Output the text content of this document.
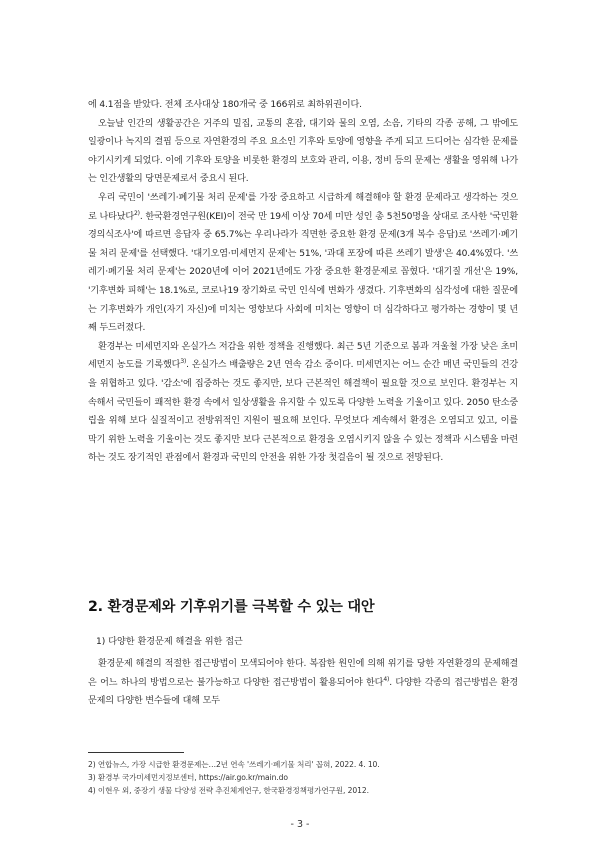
에 4.1점을 받았다. 전체 조사대상 180개국 중 166위로 최하위권이다.

오늘날 인간의 생활공간은 거주의 밀집, 교통의 혼잡, 대기와 물의 오염, 소음, 기타의 각종 공해, 그 밖에도 일광이나 녹지의 결핍 등으로 자연환경의 주요 요소인 기후와 토양에 영향을 주게 되고 드디어는 심각한 문제를 야기시키게 되었다. 이에 기후와 토양을 비롯한 환경의 보호와 관리, 이용, 정비 등의 문제는 생활을 영위해 나가는 인간생활의 당면문제로서 중요시 된다.

우리 국민이 '쓰레기·폐기물 처리 문제'를 가장 중요하고 시급하게 해결해야 할 환경 문제라고 생각하는 것으로 나타났다$^{2)}$. 한국환경연구원(KEI)이 전국 만 19세 이상 70세 미만 성인 총 5천50명을 상대로 조사한 '국민환경의식조사'에 따르면 응답자 중 65.7%는 우리나라가 직면한 중요한 환경 문제(3개 복수 응답)로 '쓰레기·폐기물 처리 문제'를 선택했다. '대기오염·미세먼지 문제'는 51%, '과대 포장에 따른 쓰레기 발생'은 40.4%였다. '쓰레기·폐기물 처리 문제'는 2020년에 이어 2021년에도 가장 중요한 환경문제로 꼽혔다. '대기질 개선'은 19%, '기후변화 피해'는 18.1%로, 코로나19 장기화로 국민 인식에 변화가 생겼다. 기후변화의 심각성에 대한 질문에는 기후변화가 개인(자기 자신)에 미치는 영향보다 사회에 미치는 영향이 더 심각하다고 평가하는 경향이 몇 년째 두드러졌다.

환경부는 미세먼지와 온실가스 저감을 위한 정책을 진행했다. 최근 5년 기준으로 봄과 겨울철 가장 낮은 초미세먼지 농도를 기록했다$^{3)}$. 온실가스 배출량은 2년 연속 감소 중이다. 미세먼지는 어느 순간 매년 국민들의 건강을 위협하고 있다. '감소'에 집중하는 것도 좋지만, 보다 근본적인 해결책이 필요할 것으로 보인다. 환경부는 지속해서 국민들이 쾌적한 환경 속에서 일상생활을 유지할 수 있도록 다양한 노력을 기울이고 있다. 2050 탄소중립을 위해 보다 실질적이고 전방위적인 지원이 필요해 보인다. 무엇보다 계속해서 환경은 오염되고 있고, 이를 막기 위한 노력을 기울이는 것도 좋지만 보다 근본적으로 환경을 오염시키지 않을 수 있는 정책과 시스템을 마련하는 것도 장기적인 관점에서 환경과 국민의 안전을 위한 가장 첫걸음이 될 것으로 전망된다.

2. 환경문제와 기후위기를 극복할 수 있는 대안

1) 다양한 환경문제 해결을 위한 접근

환경문제 해결의 적절한 접근방법이 모색되어야 한다. 복잡한 원인에 의해 위기를 당한 자연환경의 문제해결은 어느 하나의 방법으로는 불가능하고 다양한 접근방법이 활용되어야 한다$^{4)}$. 다양한 각종의 접근방법은 환경문제의 다양한 변수들에 대해 모두

2) 연합뉴스, 가장 시급한 환경문제는…2년 연속 '쓰레기·폐기물 처리' 꼽혀, 2022. 4. 10.
3) 환경부 국가미세먼지정보센터, https://air.go.kr/main.do
4) 이현우 외, 중장기 생물 다양성 전략 추진체계연구, 한국환경정책평가연구원, 2012.
- 3 -
